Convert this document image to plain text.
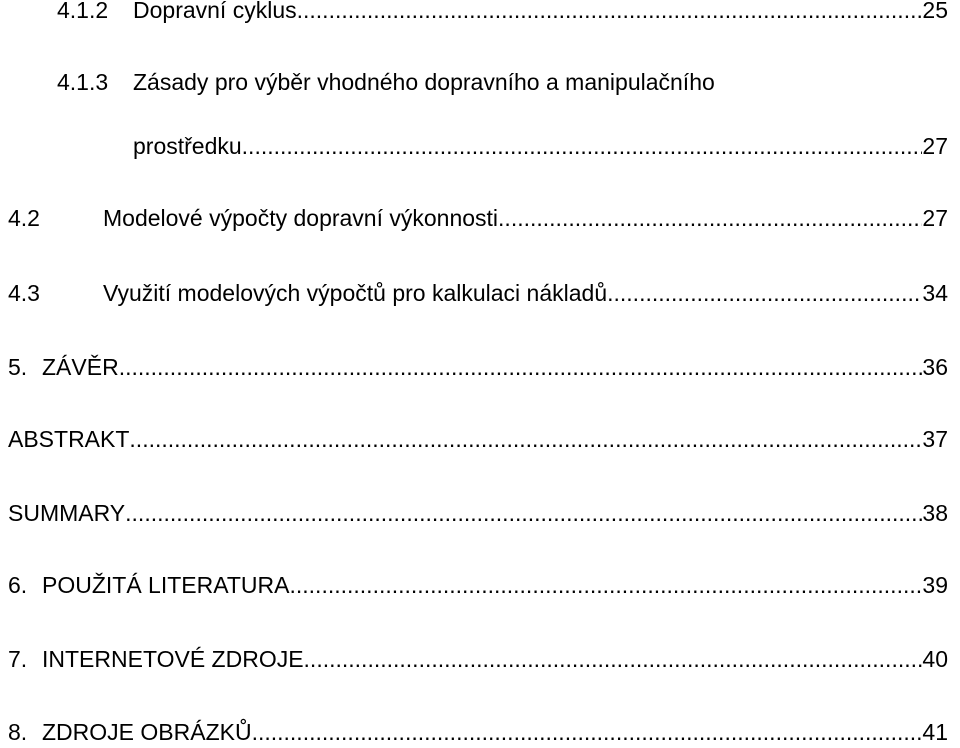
4.1.2	Dopravní cyklus .....	25
4.1.3	Zásady pro výběr vhodného dopravního a manipulačního
prostředku .....	27
4.2	Modelové výpočty dopravní výkonnosti .....	27
4.3	Využití modelových výpočtů pro kalkulaci nákladů .....	34
5. ZÁVĚR .....	36
ABSTRAKT .....	37
SUMMARY .....	38
6. POUŽITÁ LITERATURA .....	39
7. INTERNETOVÉ ZDROJE .....	40
8. ZDROJE OBRÁZKŮ .....	41
